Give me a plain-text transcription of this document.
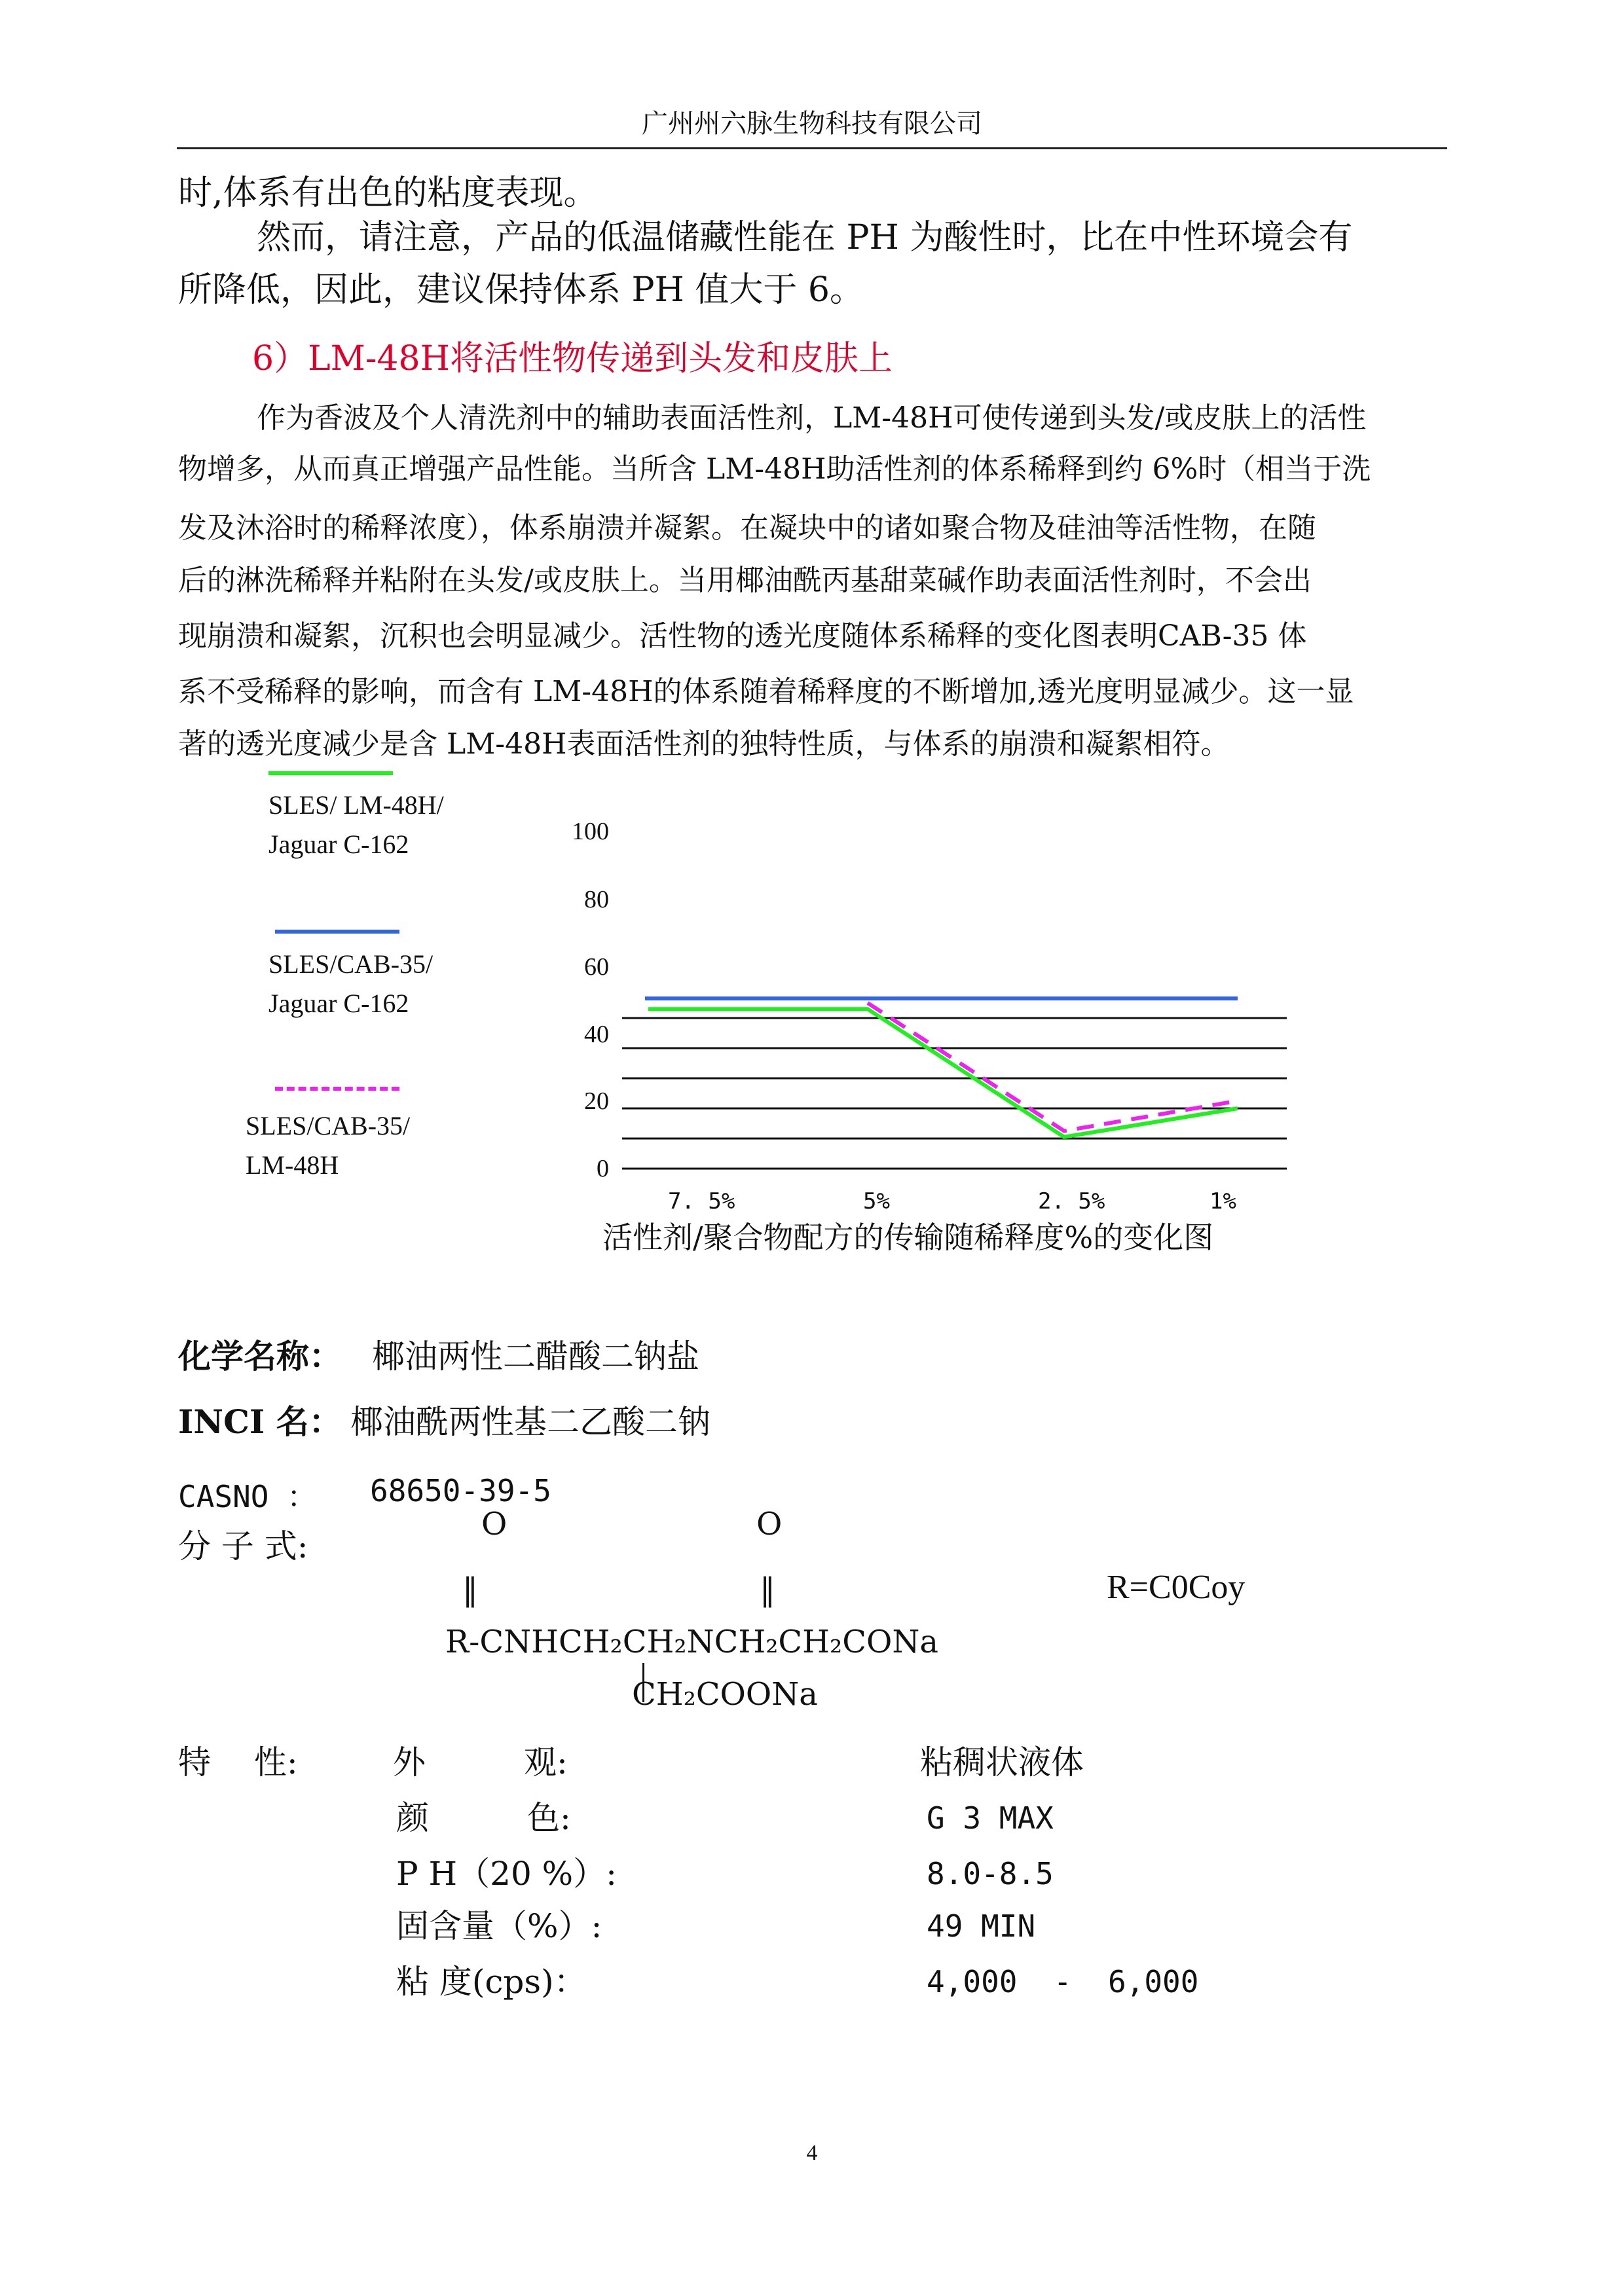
广州州六脉生物科技有限公司
时,体系有出色的粘度表现。
然而，请注意，产品的低温储藏性能在 PH 为酸性时，比在中性环境会有
所降低，因此，建议保持体系 PH 值大于 6。
6）LM-48H将活性物传递到头发和皮肤上
作为香波及个人清洗剂中的辅助表面活性剂，LM-48H可使传递到头发/或皮肤上的活性
物增多，从而真正增强产品性能。当所含 LM-48H助活性剂的体系稀释到约 6%时（相当于洗
发及沐浴时的稀释浓度），体系崩溃并凝絮。在凝块中的诸如聚合物及硅油等活性物，在随
后的淋洗稀释并粘附在头发/或皮肤上。当用椰油酰丙基甜菜碱作助表面活性剂时，不会出
现崩溃和凝絮，沉积也会明显减少。活性物的透光度随体系稀释的变化图表明CAB-35 体
系不受稀释的影响，而含有 LM-48H的体系随着稀释度的不断增加,透光度明显减少。这一显
著的透光度减少是含 LM-48H表面活性剂的独特性质，与体系的崩溃和凝絮相符。
SLES/ LM-48H/
Jaguar C-162
SLES/CAB-35/
Jaguar C-162
SLES/CAB-35/
LM-48H
100
80
60
40
20
0
7. 5%	5%	2. 5%	1%
活性剂/聚合物配方的传输随稀释度%的变化图
化学名称： 椰油两性二醋酸二钠盐
INCI 名： 椰油酰两性基二乙酸二钠
CASNO ： 68650-39-5
分 子 式:
O	O
‖	‖	R=C0Coy
R-CNHCH₂CH₂NCH₂CH₂CONa
CH₂COONa
特　 性:	外　　　观:	粘稠状液体
颜　　　色:	G 3 MAX
P H（20 %）:	8.0-8.5
固含量（%）:	49 MIN
粘 度(cps)：	4,000  -  6,000
4
